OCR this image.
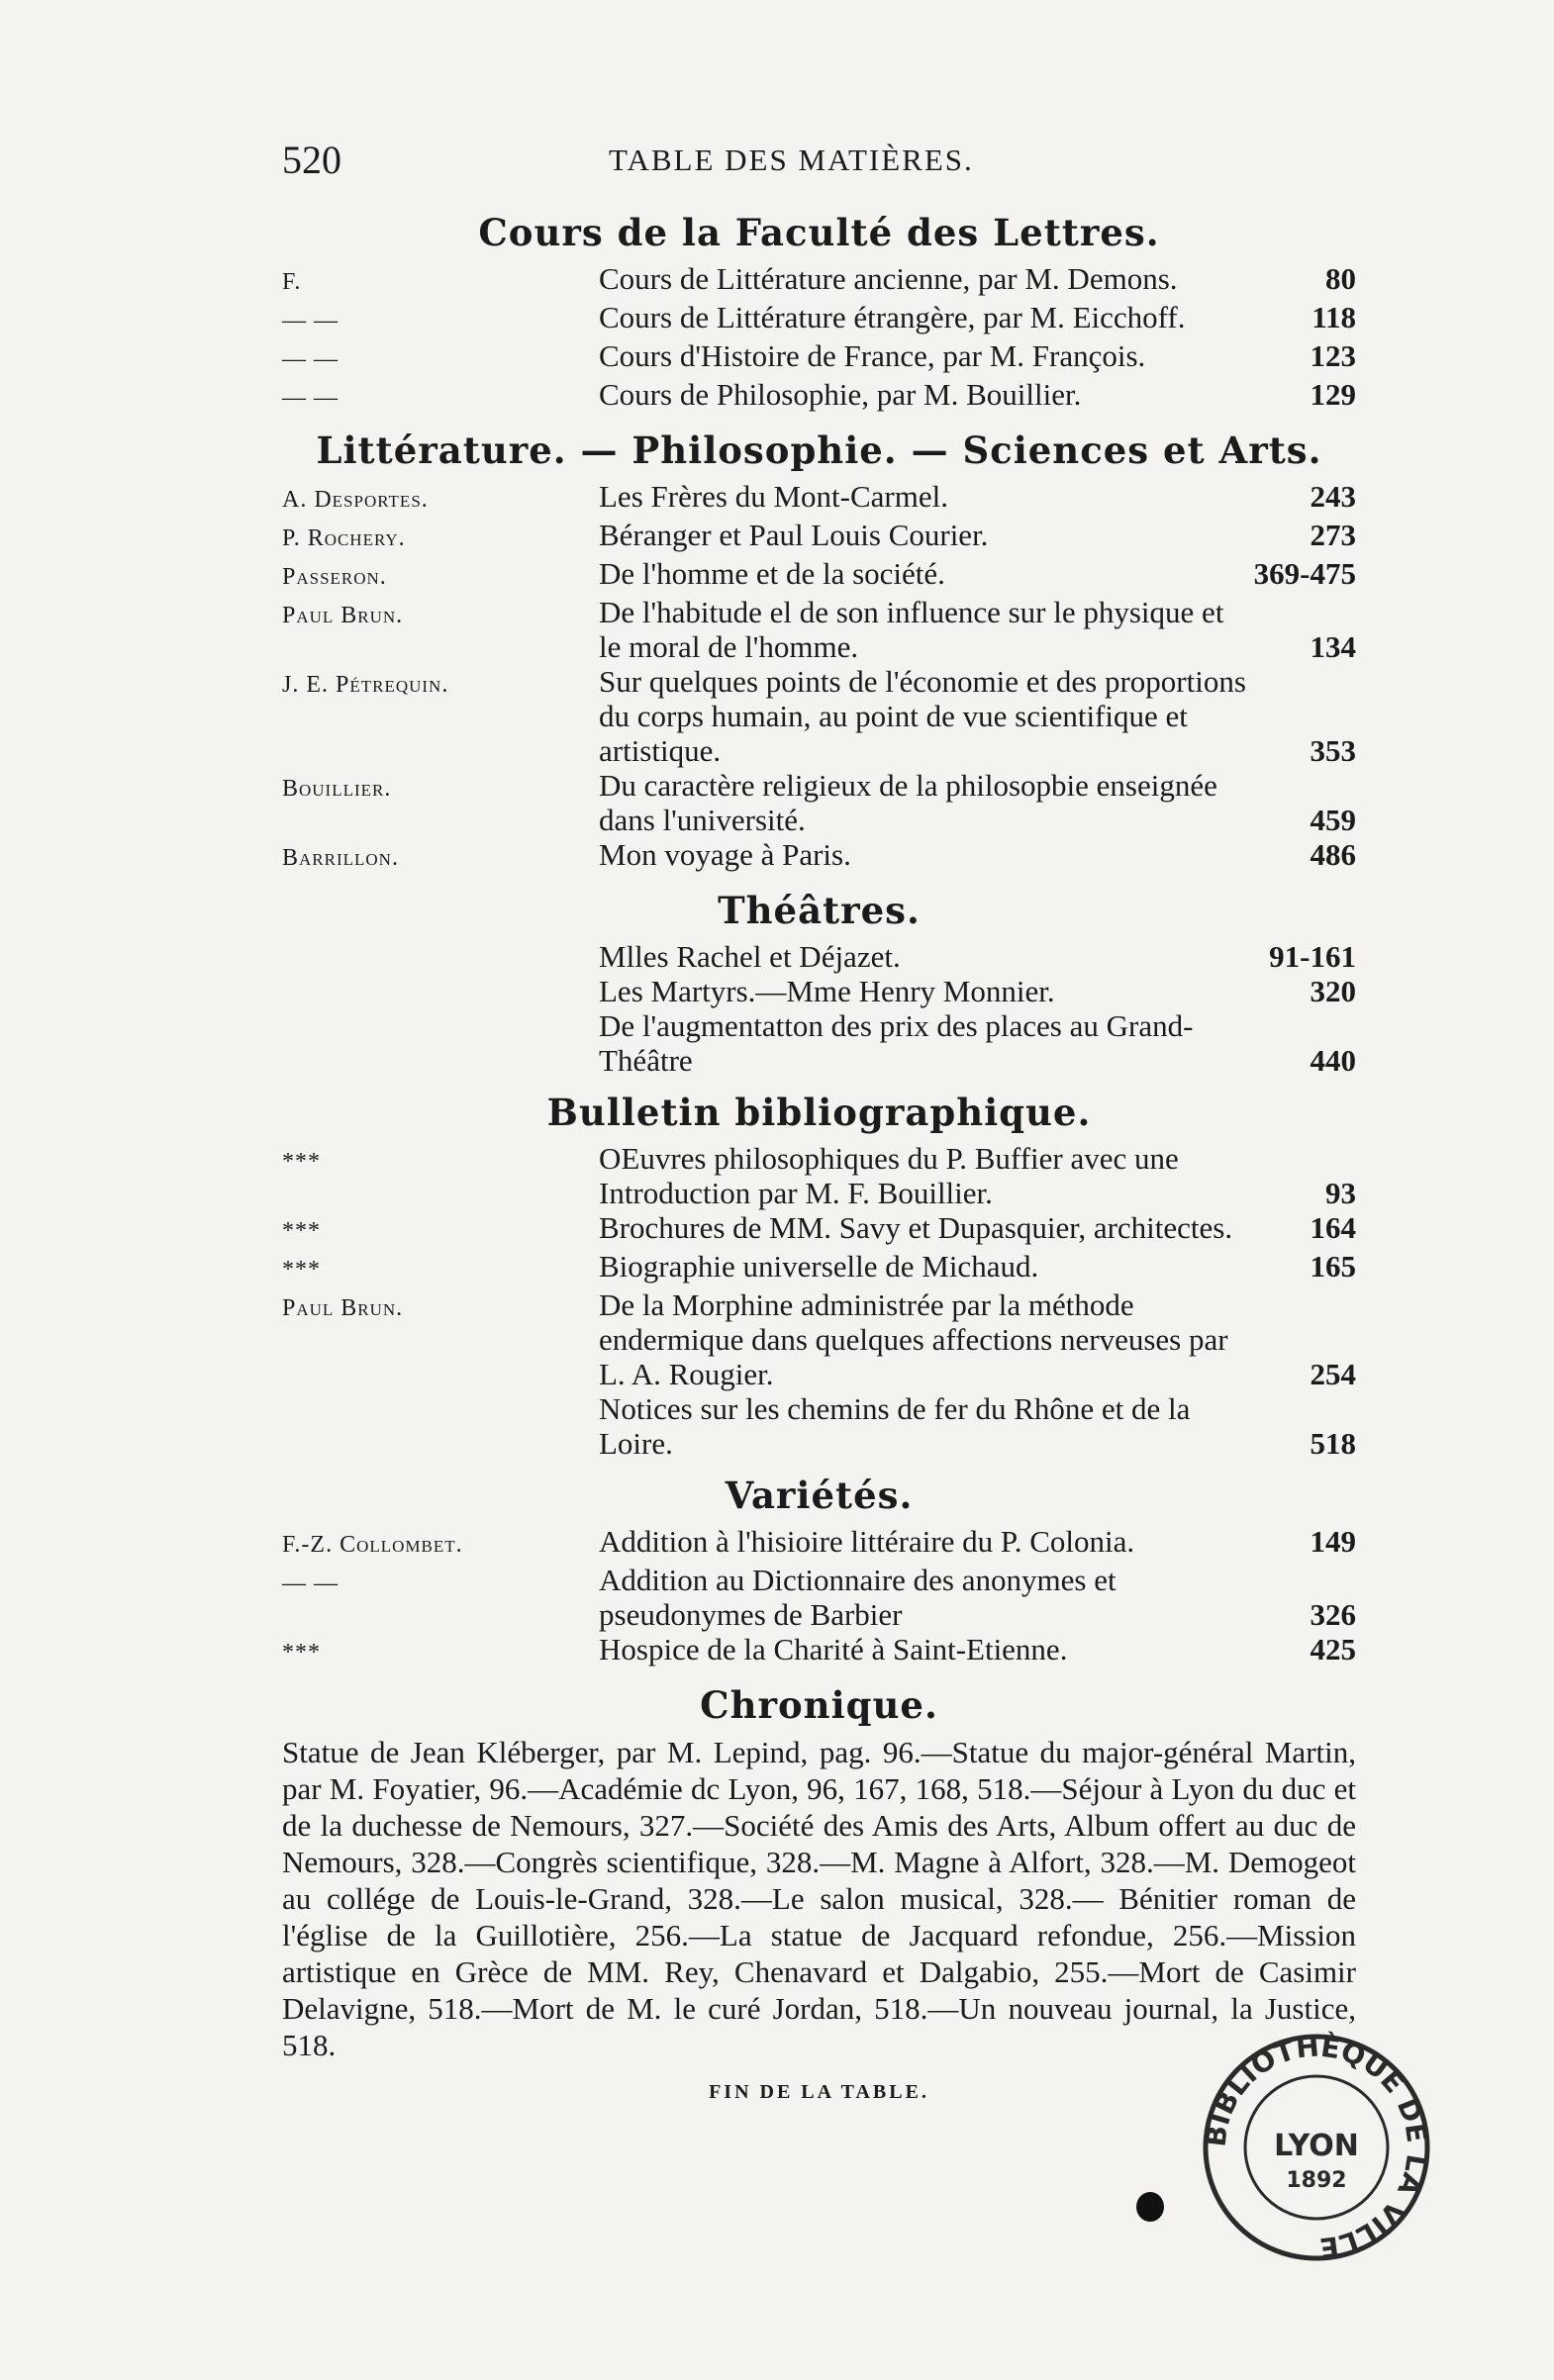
520	TABLE DES MATIÈRES.
Cours de la Faculté des Lettres.
F.	Cours de Littérature ancienne, par M. Demons.	80
— —	Cours de Littérature étrangère, par M. Eicchoff.	118
— —	Cours d'Histoire de France, par M. François.	123
— —	Cours de Philosophie, par M. Bouillier.	129
Littérature. — Philosophie. — Sciences et Arts.
A. Desportes.	Les Frères du Mont-Carmel.	243
P. Rochery.	Béranger et Paul Louis Courier.	273
Passeron.	De l'homme et de la société.	369-475
Paul Brun.	De l'habitude el de son influence sur le physique et le moral de l'homme.	134
J. E. Pétrequin.	Sur quelques points de l'économie et des proportions du corps humain, au point de vue scientifique et artistique.	353
Bouillier.	Du caractère religieux de la philosopbie enseignée dans l'université.	459
Barrillon.	Mon voyage à Paris.	486
Théâtres.
Mlles Rachel et Déjazet.	91-161
Les Martyrs.—Mme Henry Monnier.	320
De l'augmentatton des prix des places au Grand-Théâtre	440
Bulletin bibliographique.
***	OEuvres philosophiques du P. Buffier avec une Introduction par M. F. Bouillier.	93
***	Brochures de MM. Savy et Dupasquier, architectes.	164
***	Biographie universelle de Michaud.	165
Paul Brun.	De la Morphine administrée par la méthode endermique dans quelques affections nerveuses par L. A. Rougier.	254
Notices sur les chemins de fer du Rhône et de la Loire.	518
Variétés.
F.-Z. Collombet.	Addition à l'hisioire littéraire du P. Colonia.	149
— —	Addition au Dictionnaire des anonymes et pseudonymes de Barbier	326
***	Hospice de la Charité à Saint-Etienne.	425
Chronique.
Statue de Jean Kléberger, par M. Lepind, pag. 96.—Statue du major-général Martin, par M. Foyatier, 96.—Académie dc Lyon, 96, 167, 168, 518.—Séjour à Lyon du duc et de la duchesse de Nemours, 327.—Société des Amis des Arts, Album offert au duc de Nemours, 328.—Congrès scientifique, 328.—M. Magne à Alfort, 328.—M. Demogeot au collége de Louis-le-Grand, 328.—Le salon musical, 328.— Bénitier roman de l'église de la Guillotière, 256.—La statue de Jacquard refondue, 256.—Mission artistique en Grèce de MM. Rey, Chenavard et Dalgabio, 255.—Mort de Casimir Delavigne, 518.—Mort de M. le curé Jordan, 518.—Un nouveau journal, la Justice, 518.
FIN DE LA TABLE.
BIBLIOTHÈQUE DE LA VILLE
LYON
1892
